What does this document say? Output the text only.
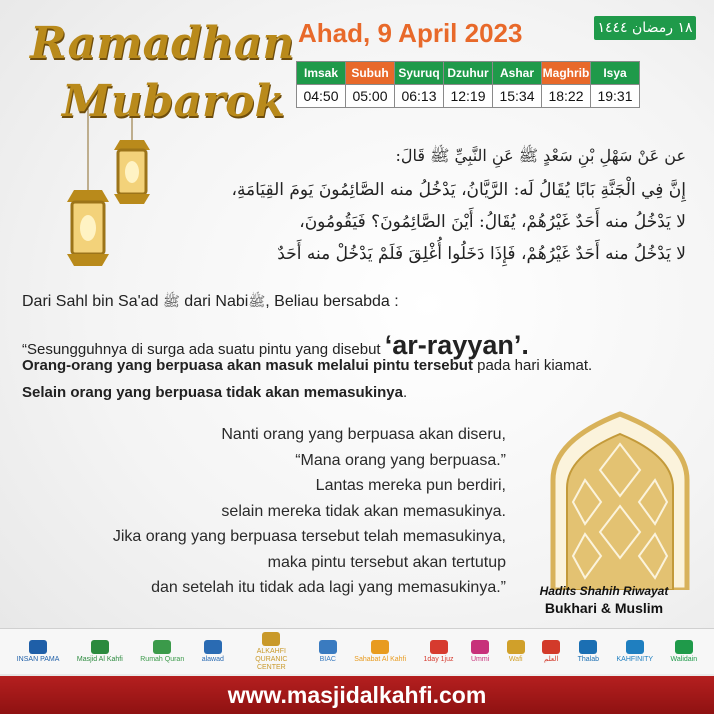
Ramadhan
Mubarok
Ahad, 9 April 2023	١٨ رمضان ١٤٤٤
Imsak	Subuh	Syuruq	Dzuhur	Ashar	Maghrib	Isya
04:50	05:00	06:13	12:19	15:34	18:22	19:31
عن عَنْ سَهْلِ بْنِ سَعْدٍ ﷺ عَنِ النَّبِيِّ ﷺ قَالَ:
إِنَّ فِي الْجَنَّةِ بَابًا يُقَالُ لَه: الرَّيَّانُ، يَدْخُلُ منه الصَّائِمُونَ يَومَ القِيَامَةِ،
لا يَدْخُلُ منه أَحَدٌ غَيْرُهُمْ، يُقَالُ: أَيْنَ الصَّائِمُونَ؟ فَيَقُومُونَ،
لا يَدْخُلُ منه أَحَدٌ غَيْرُهُمْ، فَإِذَا دَخَلُوا أُغْلِقَ فَلَمْ يَدْخُلْ منه أَحَدٌ
Dari Sahl bin Sa'ad ﷺ dari Nabiﷺ, Beliau bersabda :
“Sesungguhnya di surga ada suatu pintu yang disebut ‘ar-rayyan’.
Orang-orang yang berpuasa akan masuk melalui pintu tersebut pada hari kiamat.
Selain orang yang berpuasa tidak akan memasukinya.
Nanti orang yang berpuasa akan diseru,
“Mana orang yang berpuasa.”
Lantas mereka pun berdiri,
selain mereka tidak akan memasukinya.
Jika orang yang berpuasa tersebut telah memasukinya,
maka pintu tersebut akan tertutup
dan setelah itu tidak ada lagi yang memasukinya.”	Hadits Shahih Riwayat
Bukhari & Muslim
INSAN PAMA Masjid Al Kahfi Rumah Quran alawad
ALKAHFI QURANIC CENTER
BIAC	Sahabat Al Kahfi 1day 1juz Ummi	Wafi	العلم	Thalab KAHFINITY Walidain
www.masjidalkahfi.com
